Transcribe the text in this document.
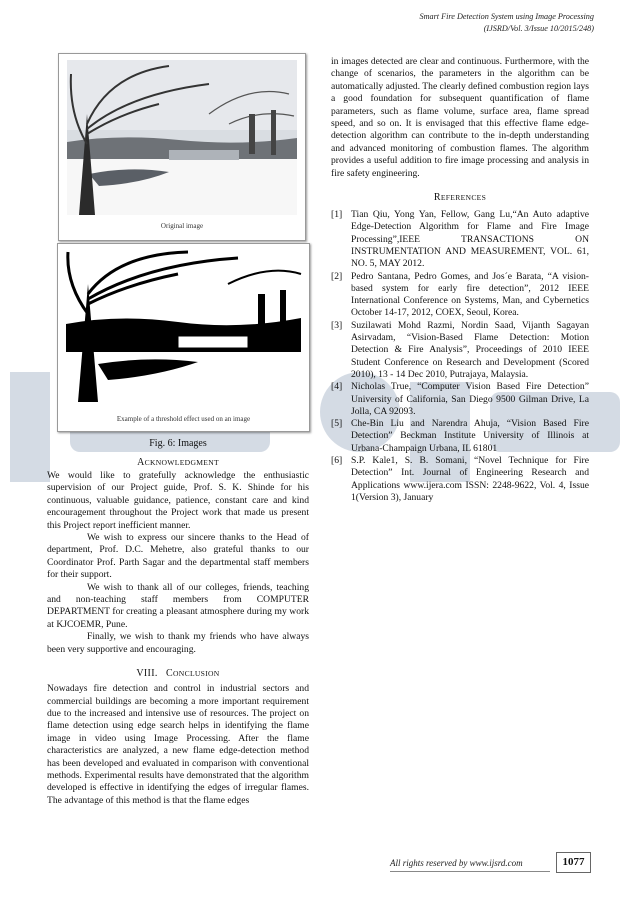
Smart Fire Detection System using Image Processing
(IJSRD/Vol. 3/Issue 10/2015/248)
Original image
Example of a threshold effect used on an image

Fig. 6: Images

ACKNOWLEDGMENT

We would like to gratefully acknowledge the enthusiastic supervision of our Project guide, Prof. S. K. Shinde for his continuous, valuable guidance, patience, constant care and kind encouragement throughout the Project work that made us present this Project report inefficient manner.

We wish to express our sincere thanks to the Head of department, Prof. D.C. Mehetre, also grateful thanks to our Coordinator Prof. Parth Sagar and the departmental staff members for their support.

We wish to thank all of our colleges, friends, teaching and non-teaching staff members from COMPUTER DEPARTMENT for creating a pleasant atmosphere during my work at KJCOEMR, Pune.

Finally, we wish to thank my friends who have always been very supportive and encouraging.

VIII. CONCLUSION

Nowadays fire detection and control in industrial sectors and commercial buildings are becoming a more important requirement due to the increased and intensive use of resources. The project on flame detection using edge search helps in identifying the flame image in video using Image Processing. After the flame characteristics are analyzed, a new flame edge-detection method has been developed and evaluated in comparison with conventional methods. Experimental results have demonstrated that the algorithm developed is effective in identifying the edges of irregular flames. The advantage of this method is that the flame edges

in images detected are clear and continuous. Furthermore, with the change of scenarios, the parameters in the algorithm can be automatically adjusted. The clearly defined combustion region lays a good foundation for subsequent quantification of flame parameters, such as flame volume, surface area, flame spread speed, and so on. It is envisaged that this effective flame edge-detection algorithm can contribute to the in-depth understanding and advanced monitoring of combustion flames. The algorithm provides a useful addition to fire image processing and analysis in fire safety engineering.

REFERENCES

[1] Tian Qiu, Yong Yan, Fellow, Gang Lu,“An Auto adaptive Edge-Detection Algorithm for Flame and Fire Image Processing”,IEEE TRANSACTIONS ON INSTRUMENTATION AND MEASUREMENT, VOL. 61, NO. 5, MAY 2012.
[2] Pedro Santana, Pedro Gomes, and Jos´e Barata, “A vision-based system for early fire detection”, 2012 IEEE International Conference on Systems, Man, and Cybernetics October 14-17, 2012, COEX, Seoul, Korea.
[3] Suzilawati Mohd Razmi, Nordin Saad, Vijanth Sagayan Asirvadam, “Vision-Based Flame Detection: Motion Detection & Fire Analysis”, Proceedings of 2010 IEEE Student Conference on Research and Development (Scored 2010), 13 - 14 Dec 2010, Putrajaya, Malaysia.
[4] Nicholas True, “Computer Vision Based Fire Detection” University of California, San Diego 9500 Gilman Drive, La Jolla, CA 92093.
[5] Che-Bin Liu and Narendra Ahuja, “Vision Based Fire Detection” Beckman Institute University of Illinois at Urbana-Champaign Urbana, IL 61801
[6] S.P. Kale1, S. B. Somani, “Novel Technique for Fire Detection” Int. Journal of Engineering Research and Applications www.ijera.com ISSN: 2248-9622, Vol. 4, Issue 1(Version 3), January
All rights reserved by www.ijsrd.com	1077
